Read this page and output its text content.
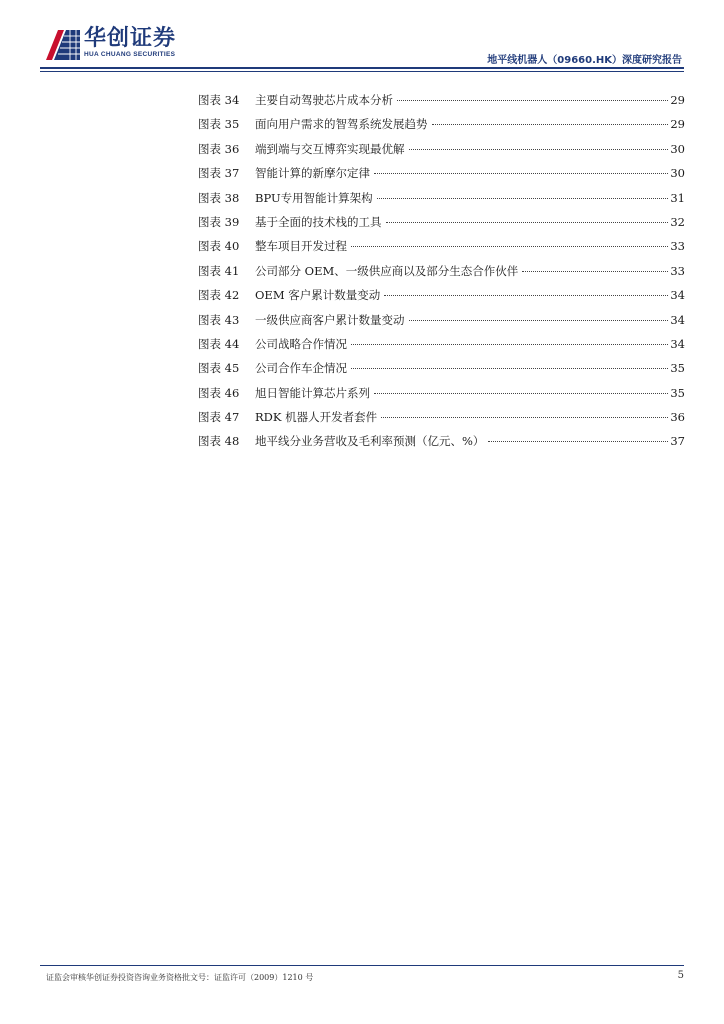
华创证券
HUA CHUANG SECURITIES
地平线机器人（09660.HK）深度研究报告
图表 34	主要自动驾驶芯片成本分析	29
图表 35	面向用户需求的智驾系统发展趋势	29
图表 36	端到端与交互博弈实现最优解	30
图表 37	智能计算的新摩尔定律	30
图表 38	BPU专用智能计算架构	31
图表 39	基于全面的技术栈的工具	32
图表 40	整车项目开发过程	33
图表 41	公司部分 OEM、一级供应商以及部分生态合作伙伴	33
图表 42	OEM 客户累计数量变动	34
图表 43	一级供应商客户累计数量变动	34
图表 44	公司战略合作情况	34
图表 45	公司合作车企情况	35
图表 46	旭日智能计算芯片系列	35
图表 47	RDK 机器人开发者套件	36
图表 48	地平线分业务营收及毛利率预测（亿元、%）	37
证监会审核华创证券投资咨询业务资格批文号：证监许可（2009）1210 号	5
